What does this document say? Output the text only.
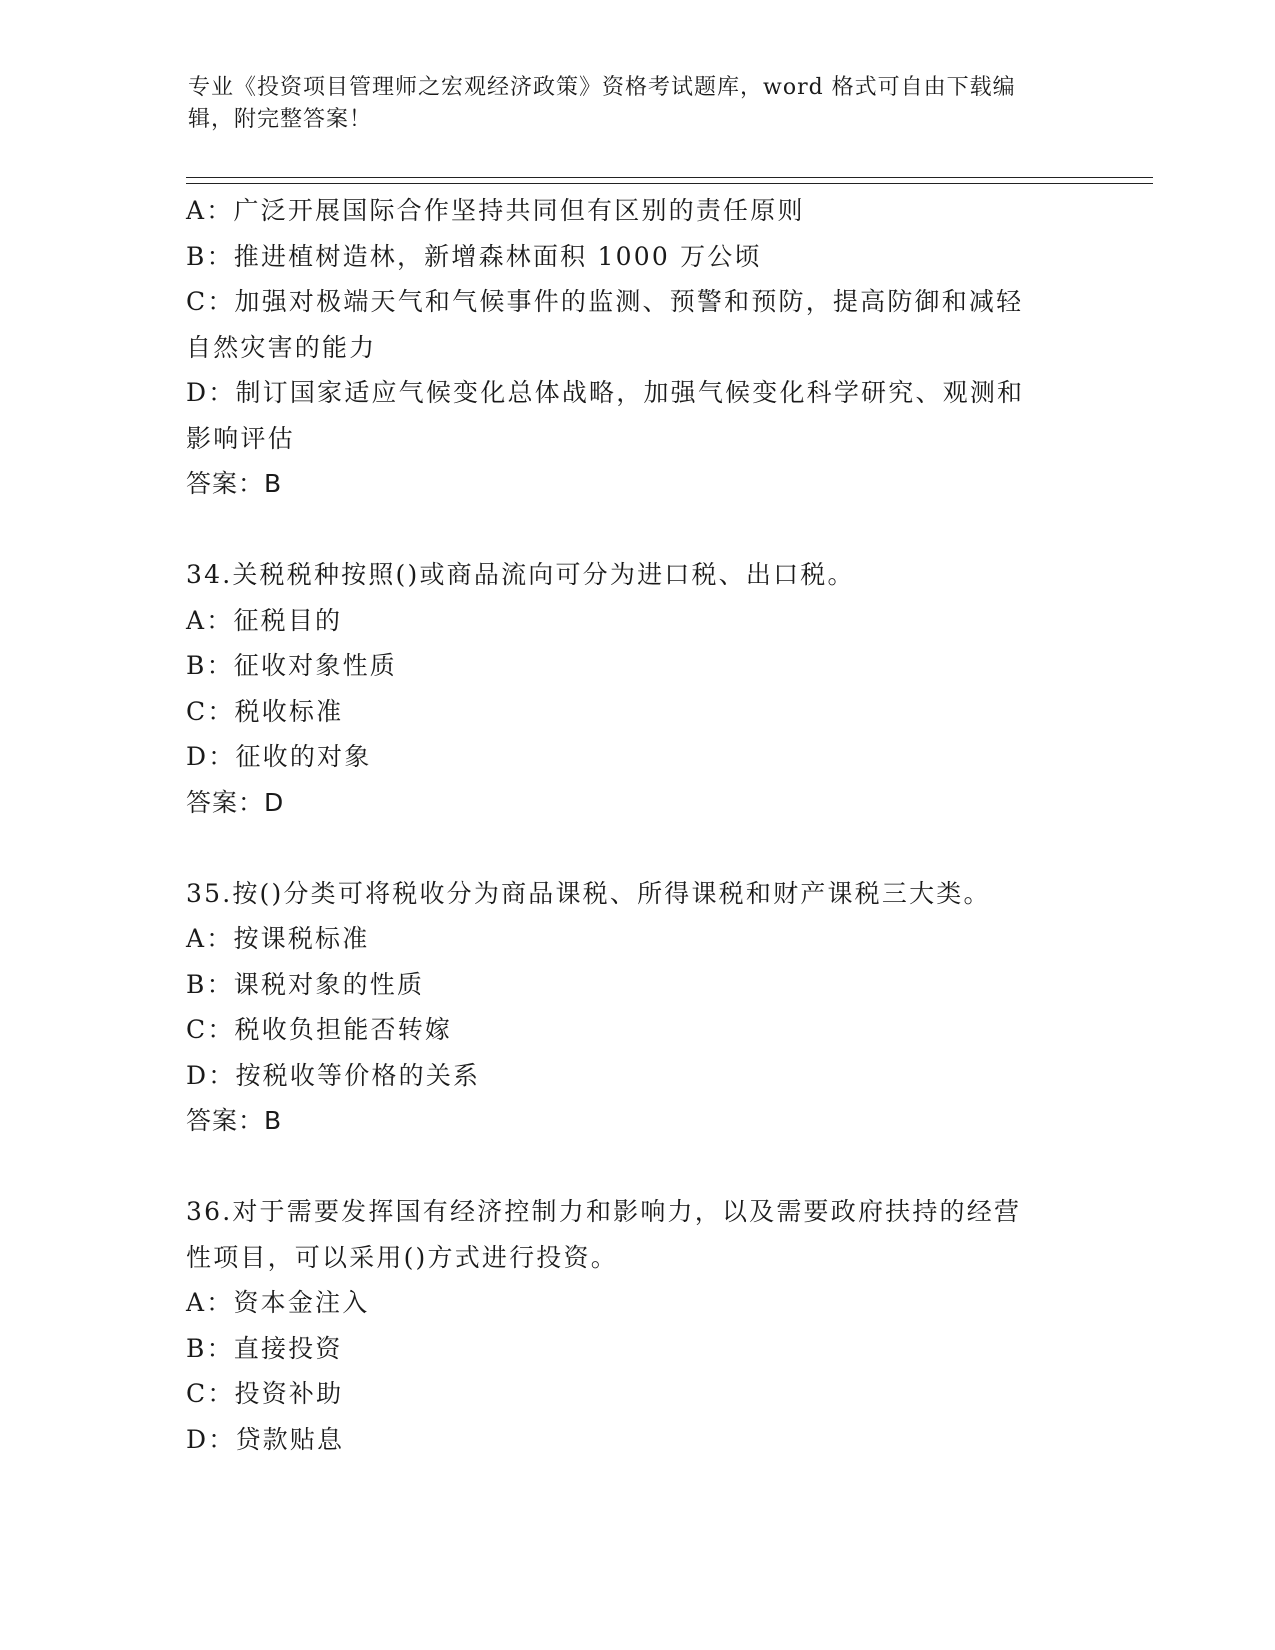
专业《投资项目管理师之宏观经济政策》资格考试题库，word 格式可自由下载编
辑，附完整答案！
A：广泛开展国际合作坚持共同但有区别的责任原则
B：推进植树造林，新增森林面积 1000 万公顷
C：加强对极端天气和气候事件的监测、预警和预防，提高防御和减轻
自然灾害的能力
D：制订国家适应气候变化总体战略，加强气候变化科学研究、观测和
影响评估
答案：B
34.关税税种按照()或商品流向可分为进口税、出口税。
A：征税目的
B：征收对象性质
C：税收标准
D：征收的对象
答案：D
35.按()分类可将税收分为商品课税、所得课税和财产课税三大类。
A：按课税标准
B：课税对象的性质
C：税收负担能否转嫁
D：按税收等价格的关系
答案：B
36.对于需要发挥国有经济控制力和影响力，以及需要政府扶持的经营
性项目，可以采用()方式进行投资。
A：资本金注入
B：直接投资
C：投资补助
D：贷款贴息
